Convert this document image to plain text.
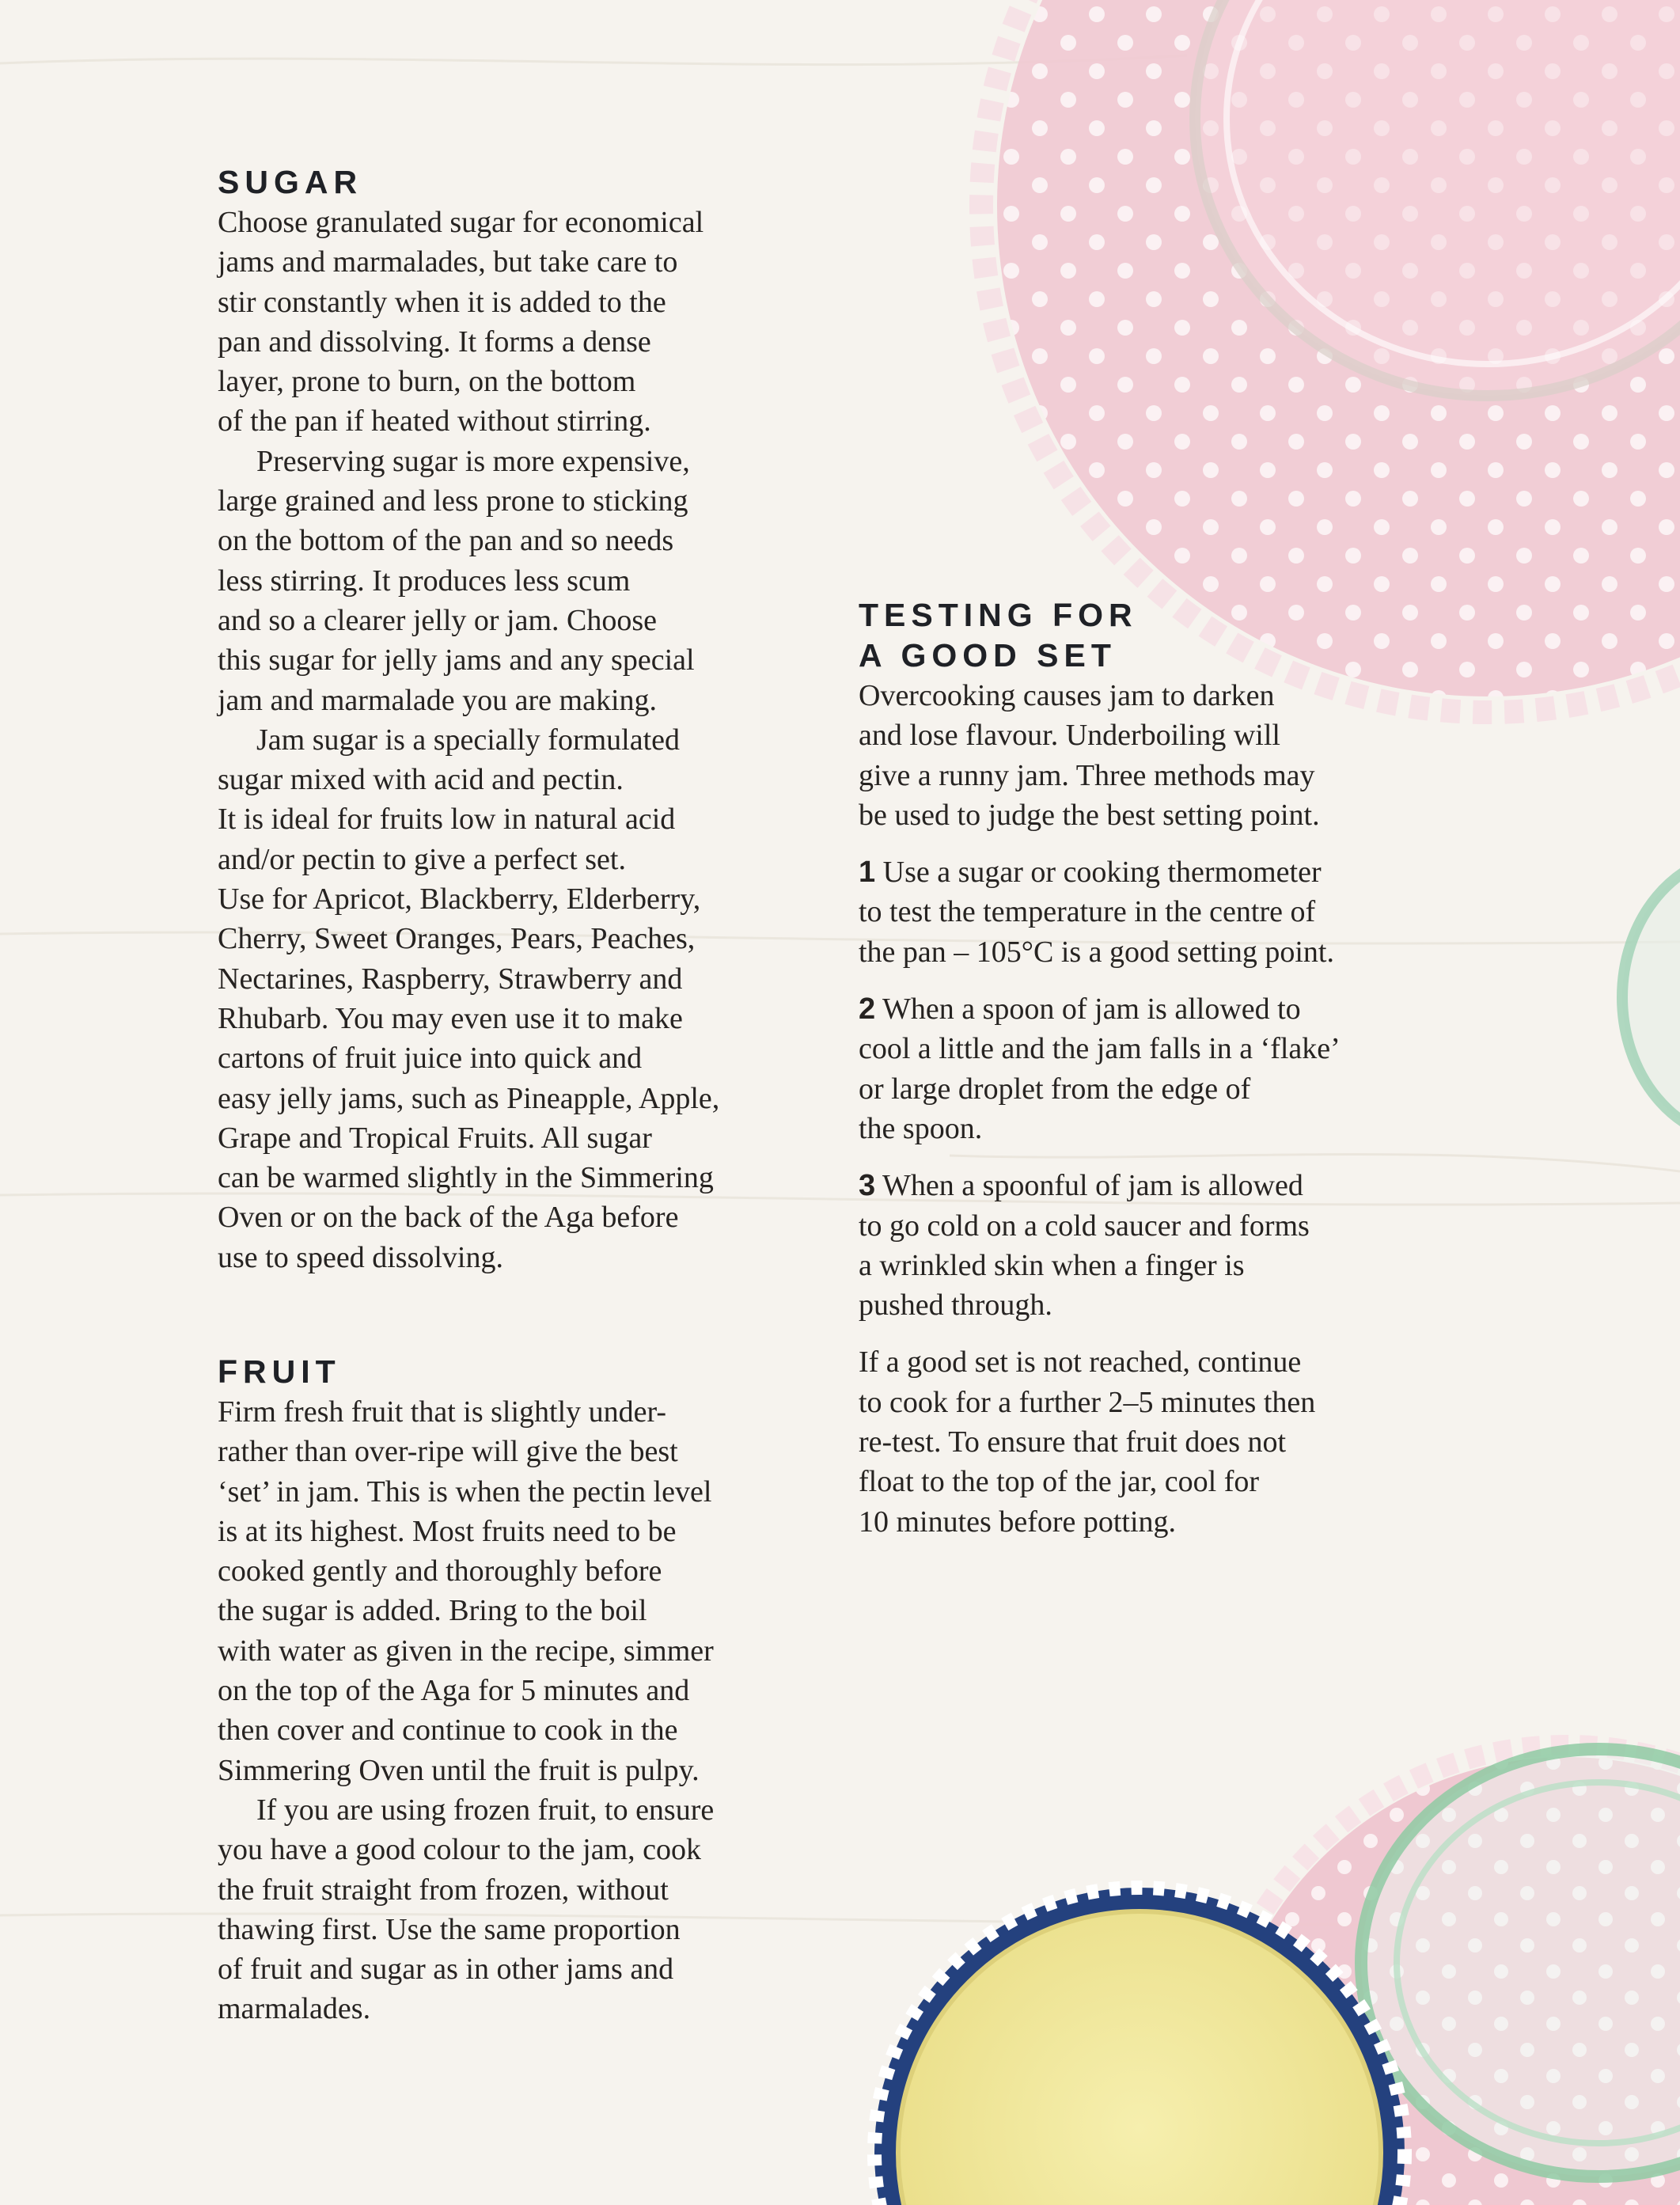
SUGAR
Choose granulated sugar for economical
jams and marmalades, but take care to
stir constantly when it is added to the
pan and dissolving. It forms a dense
layer, prone to burn, on the bottom
of the pan if heated without stirring.
Preserving sugar is more expensive,
large grained and less prone to sticking
on the bottom of the pan and so needs
less stirring. It produces less scum
and so a clearer jelly or jam. Choose
this sugar for jelly jams and any special
jam and marmalade you are making.
Jam sugar is a specially formulated
sugar mixed with acid and pectin.
It is ideal for fruits low in natural acid
and/or pectin to give a perfect set.
Use for Apricot, Blackberry, Elderberry,
Cherry, Sweet Oranges, Pears, Peaches,
Nectarines, Raspberry, Strawberry and
Rhubarb. You may even use it to make
cartons of fruit juice into quick and
easy jelly jams, such as Pineapple, Apple,
Grape and Tropical Fruits. All sugar
can be warmed slightly in the Simmering
Oven or on the back of the Aga before
use to speed dissolving.
FRUIT
Firm fresh fruit that is slightly under-
rather than over-ripe will give the best
‘set’ in jam. This is when the pectin level
is at its highest. Most fruits need to be
cooked gently and thoroughly before
the sugar is added. Bring to the boil
with water as given in the recipe, simmer
on the top of the Aga for 5 minutes and
then cover and continue to cook in the
Simmering Oven until the fruit is pulpy.
If you are using frozen fruit, to ensure
you have a good colour to the jam, cook
the fruit straight from frozen, without
thawing first. Use the same proportion
of fruit and sugar as in other jams and
marmalades.
TESTING FOR
A GOOD SET
Overcooking causes jam to darken
and lose flavour. Underboiling will
give a runny jam. Three methods may
be used to judge the best setting point.
1 Use a sugar or cooking thermometer
to test the temperature in the centre of
the pan – 105°C is a good setting point.
2 When a spoon of jam is allowed to
cool a little and the jam falls in a ‘flake’
or large droplet from the edge of
the spoon.
3 When a spoonful of jam is allowed
to go cold on a cold saucer and forms
a wrinkled skin when a finger is
pushed through.
If a good set is not reached, continue
to cook for a further 2–5 minutes then
re-test. To ensure that fruit does not
float to the top of the jar, cool for
10 minutes before potting.
